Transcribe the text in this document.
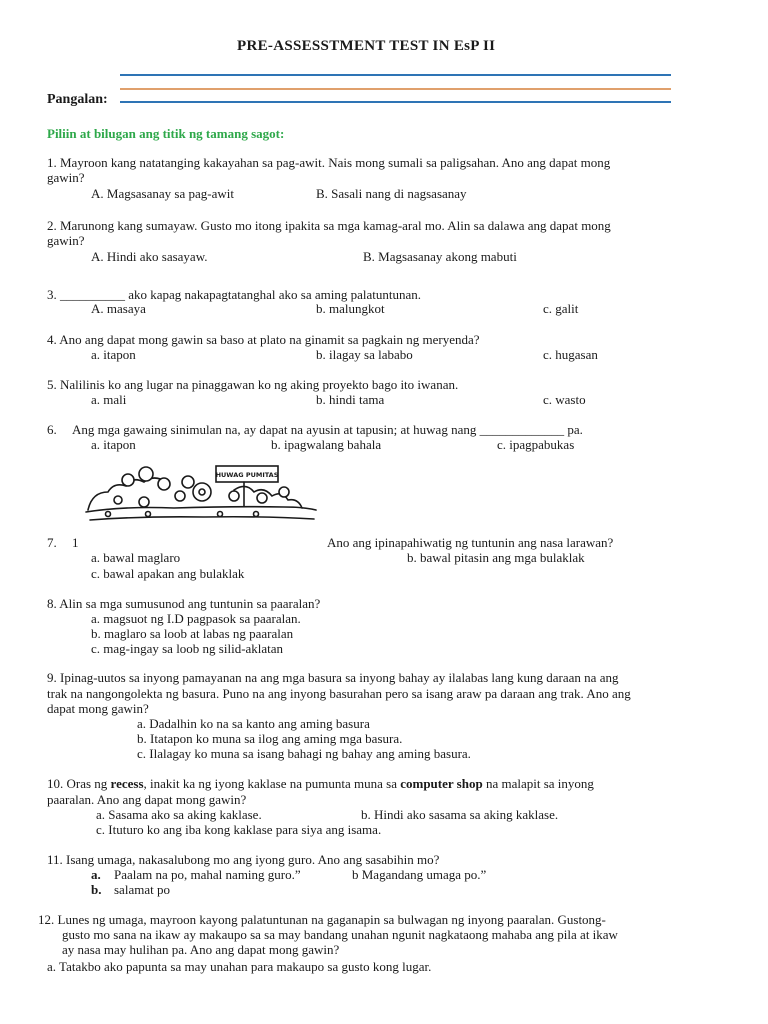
PRE-ASSESSTMENT TEST IN EsP II
Pangalan:
Piliin at bilugan ang titik ng tamang sagot:
1. Mayroon kang natatanging kakayahan sa pag-awit. Nais mong sumali sa paligsahan. Ano ang dapat mong
gawin?
A. Magsasanay sa pag-awit	B. Sasali nang di nagsasanay
2. Marunong kang sumayaw. Gusto mo itong ipakita sa mga kamag-aral mo. Alin sa dalawa ang dapat mong
gawin?
A. Hindi ako sasayaw.	B. Magsasanay akong mabuti
3. __________ ako kapag nakapagtatanghal ako sa aming palatuntunan.
A. masaya	b. malungkot	c. galit
4. Ano ang dapat mong gawin sa baso at plato na ginamit sa pagkain ng meryenda?
a. itapon	b. ilagay sa lababo	c. hugasan
5. Nalilinis ko ang lugar na pinaggawan ko ng aking proyekto bago ito iwanan.
a. mali	b. hindi tama	c. wasto
6. Ang mga gawaing sinimulan na, ay dapat na ayusin at tapusin; at huwag nang _____________ pa.
a. itapon	b. ipagwalang bahala	c. ipagpabukas
HUWAG PUMITAS
7. 1	Ano ang ipinapahiwatig ng tuntunin ang nasa larawan?
a. bawal maglaro	b. bawal pitasin ang mga bulaklak
c. bawal apakan ang bulaklak
8. Alin sa mga sumusunod ang tuntunin sa paaralan?
a. magsuot ng I.D pagpasok sa paaralan.
b. maglaro sa loob at labas ng paaralan
c. mag-ingay sa loob ng silid-aklatan
9. Ipinag-uutos sa inyong pamayanan na ang mga basura sa inyong bahay ay ilalabas lang kung daraan na ang
trak na nangongolekta ng basura. Puno na ang inyong basurahan pero sa isang araw pa daraan ang trak. Ano ang
dapat mong gawin?
a. Dadalhin ko na sa kanto ang aming basura
b. Itatapon ko muna sa ilog ang aming mga basura.
c. Ilalagay ko muna sa isang bahagi ng bahay ang aming basura.
10. Oras ng recess, inakit ka ng iyong kaklase na pumunta muna sa computer shop na malapit sa inyong
paaralan. Ano ang dapat mong gawin?
a. Sasama ako sa aking kaklase.	b. Hindi ako sasama sa aking kaklase.
c. Ituturo ko ang iba kong kaklase para siya ang isama.
11. Isang umaga, nakasalubong mo ang iyong guro. Ano ang sasabihin mo?
a. Paalam na po, mahal naming guro.”	b Magandang umaga po.”
b. salamat po
12. Lunes ng umaga, mayroon kayong palatuntunan na gaganapin sa bulwagan ng inyong paaralan. Gustong-
gusto mo sana na ikaw ay makaupo sa sa may bandang unahan ngunit nagkataong mahaba ang pila at ikaw
ay nasa may hulihan pa. Ano ang dapat mong gawin?
a. Tatakbo ako papunta sa may unahan para makaupo sa gusto kong lugar.
